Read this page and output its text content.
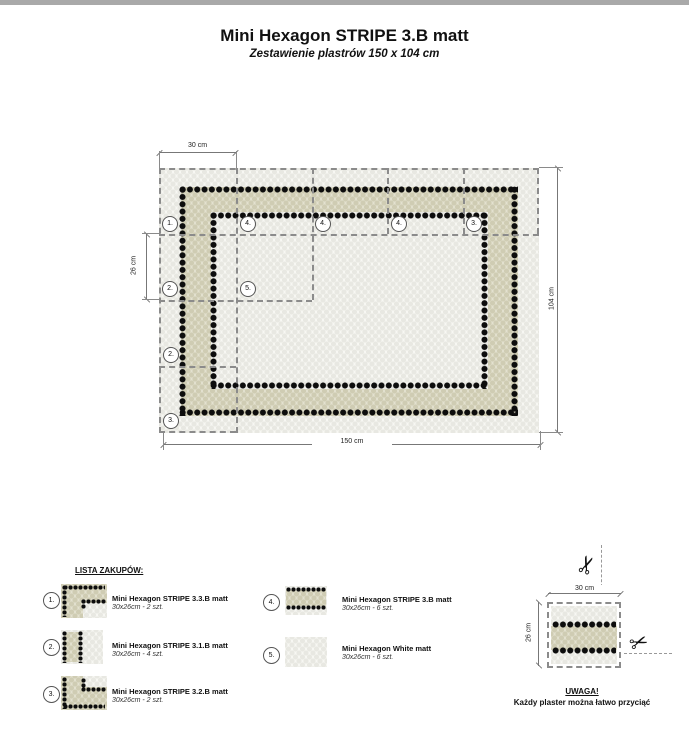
Mini Hexagon STRIPE 3.B matt
Zestawienie plastrów 150 x 104 cm
1.	4.	4.	4.	3.
2.	5.
2.
3.
30 cm
26 cm
104 cm
150 cm
LISTA ZAKUPÓW:
1.	Mini Hexagon STRIPE 3.3.B matt
30x26cm - 2 szt.
2.	Mini Hexagon STRIPE 3.1.B matt
30x26cm - 4 szt.
3.	Mini Hexagon STRIPE 3.2.B matt
30x26cm - 2 szt.
4.	Mini Hexagon STRIPE 3.B matt
30x26cm - 6 szt.
5.
Mini Hexagon White matt
30x26cm - 6 szt.
✂
30 cm
26 cm	✂
UWAGA!
Każdy plaster można łatwo przyciąć
